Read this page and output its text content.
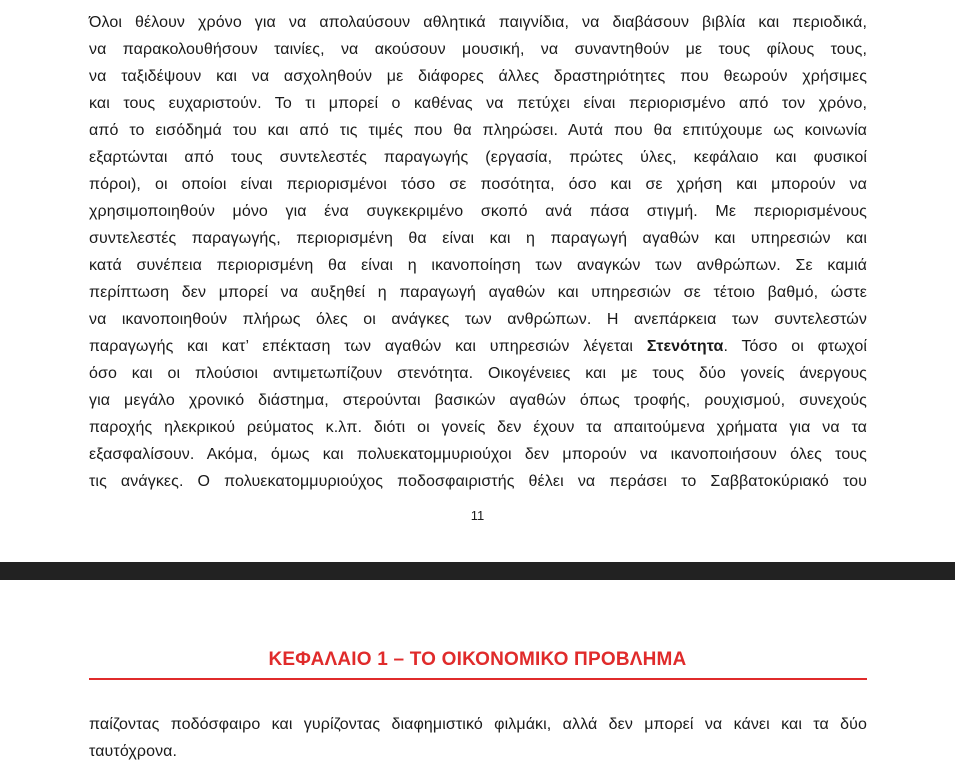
Όλοι θέλουν χρόνο για να απολαύσουν αθλητικά παιγνίδια, να διαβάσουν βιβλία και περιοδικά,
να παρακολουθήσουν ταινίες, να ακούσουν μουσική, να συναντηθούν με τους φίλους τους,
να ταξιδέψουν και να ασχοληθούν με διάφορες άλλες δραστηριότητες που θεωρούν χρήσιμες
και τους ευχαριστούν. Το τι μπορεί ο καθένας να πετύχει είναι περιορισμένο από τον χρόνο,
από το εισόδημά του και από τις τιμές που θα πληρώσει. Αυτά που θα επιτύχουμε ως κοινωνία
εξαρτώνται από τους συντελεστές παραγωγής (εργασία, πρώτες ύλες, κεφάλαιο και φυσικοί
πόροι), οι οποίοι είναι περιορισμένοι τόσο σε ποσότητα, όσο και σε χρήση και μπορούν να
χρησιμοποιηθούν μόνο για ένα συγκεκριμένο σκοπό ανά πάσα στιγμή. Με περιορισμένους
συντελεστές παραγωγής, περιορισμένη θα είναι και η παραγωγή αγαθών και υπηρεσιών και
κατά συνέπεια περιορισμένη θα είναι η ικανοποίηση των αναγκών των ανθρώπων. Σε καμιά
περίπτωση δεν μπορεί να αυξηθεί η παραγωγή αγαθών και υπηρεσιών σε τέτοιο βαθμό, ώστε
να ικανοποιηθούν πλήρως όλες οι ανάγκες των ανθρώπων. Η ανεπάρκεια των συντελεστών
παραγωγής και κατ’ επέκταση των αγαθών και υπηρεσιών λέγεται Στενότητα. Τόσο οι φτωχοί
όσο και οι πλούσιοι αντιμετωπίζουν στενότητα. Οικογένειες και με τους δύο γονείς άνεργους
για μεγάλο χρονικό διάστημα, στερούνται βασικών αγαθών όπως τροφής, ρουχισμού, συνεχούς
παροχής ηλεκρικού ρεύματος κ.λπ. διότι οι γονείς δεν έχουν τα απαιτούμενα χρήματα για να τα
εξασφαλίσουν. Ακόμα, όμως και πολυεκατομμυριούχοι δεν μπορούν να ικανοποιήσουν όλες τους
τις ανάγκες. Ο πολυεκατομμυριούχος ποδοσφαιριστής θέλει να περάσει το Σαββατοκύριακό του
11
ΚΕΦΑΛΑΙΟ 1 – ΤΟ ΟΙΚΟΝΟΜΙΚΟ ΠΡΟΒΛΗΜΑ
παίζοντας ποδόσφαιρο και γυρίζοντας διαφημιστικό φιλμάκι, αλλά δεν μπορεί να κάνει και τα δύο
ταυτόχρονα.
